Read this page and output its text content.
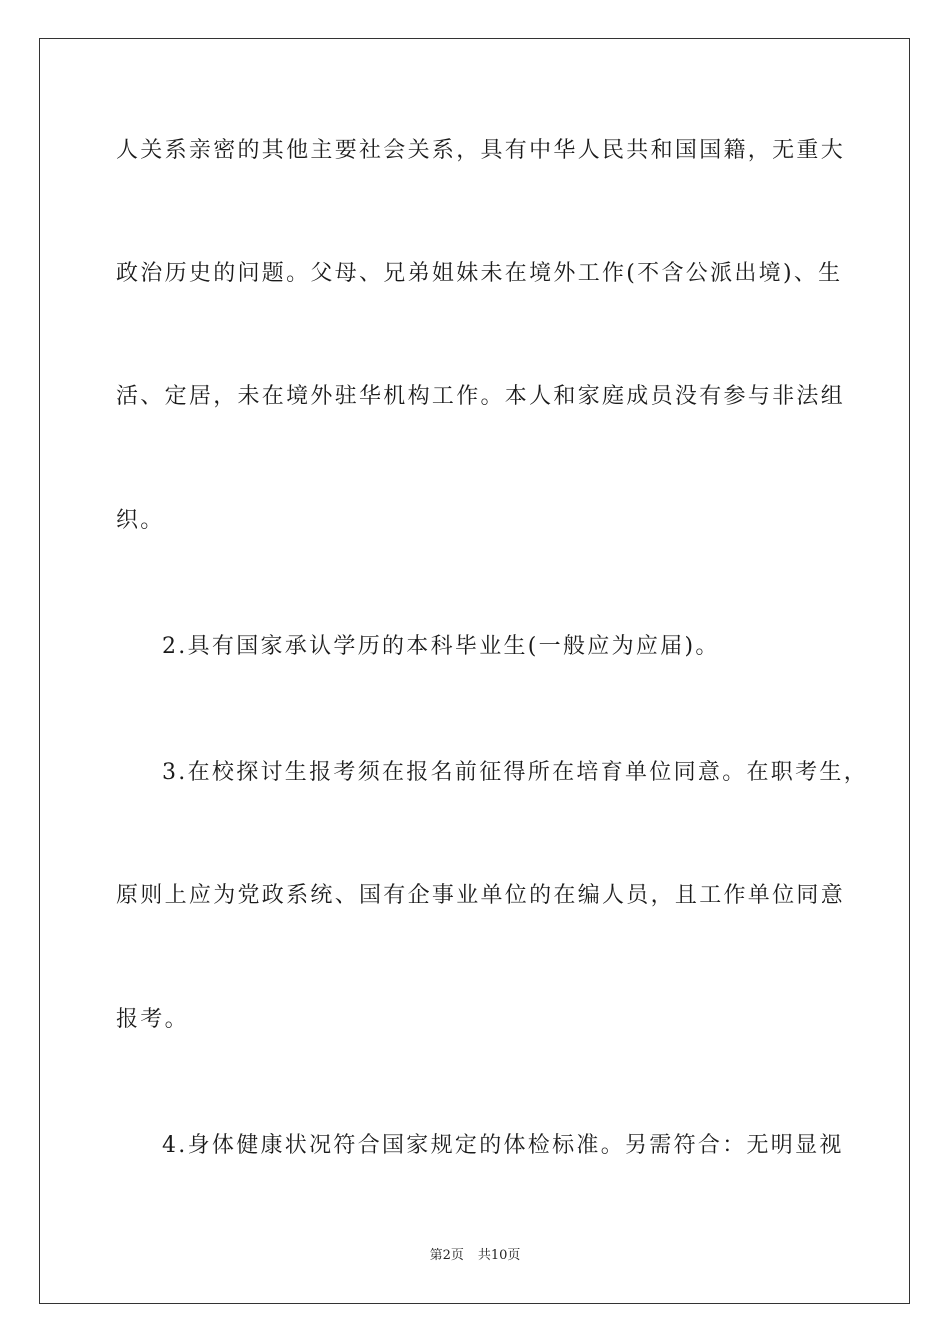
人关系亲密的其他主要社会关系，具有中华人民共和国国籍，无重大
政治历史的问题。父母、兄弟姐妹未在境外工作(不含公派出境)、生
活、定居，未在境外驻华机构工作。本人和家庭成员没有参与非法组
织。
2.具有国家承认学历的本科毕业生(一般应为应届)。
3.在校探讨生报考须在报名前征得所在培育单位同意。在职考生，
原则上应为党政系统、国有企事业单位的在编人员，且工作单位同意
报考。
4.身体健康状况符合国家规定的体检标准。另需符合：无明显视
第2页 共10页
